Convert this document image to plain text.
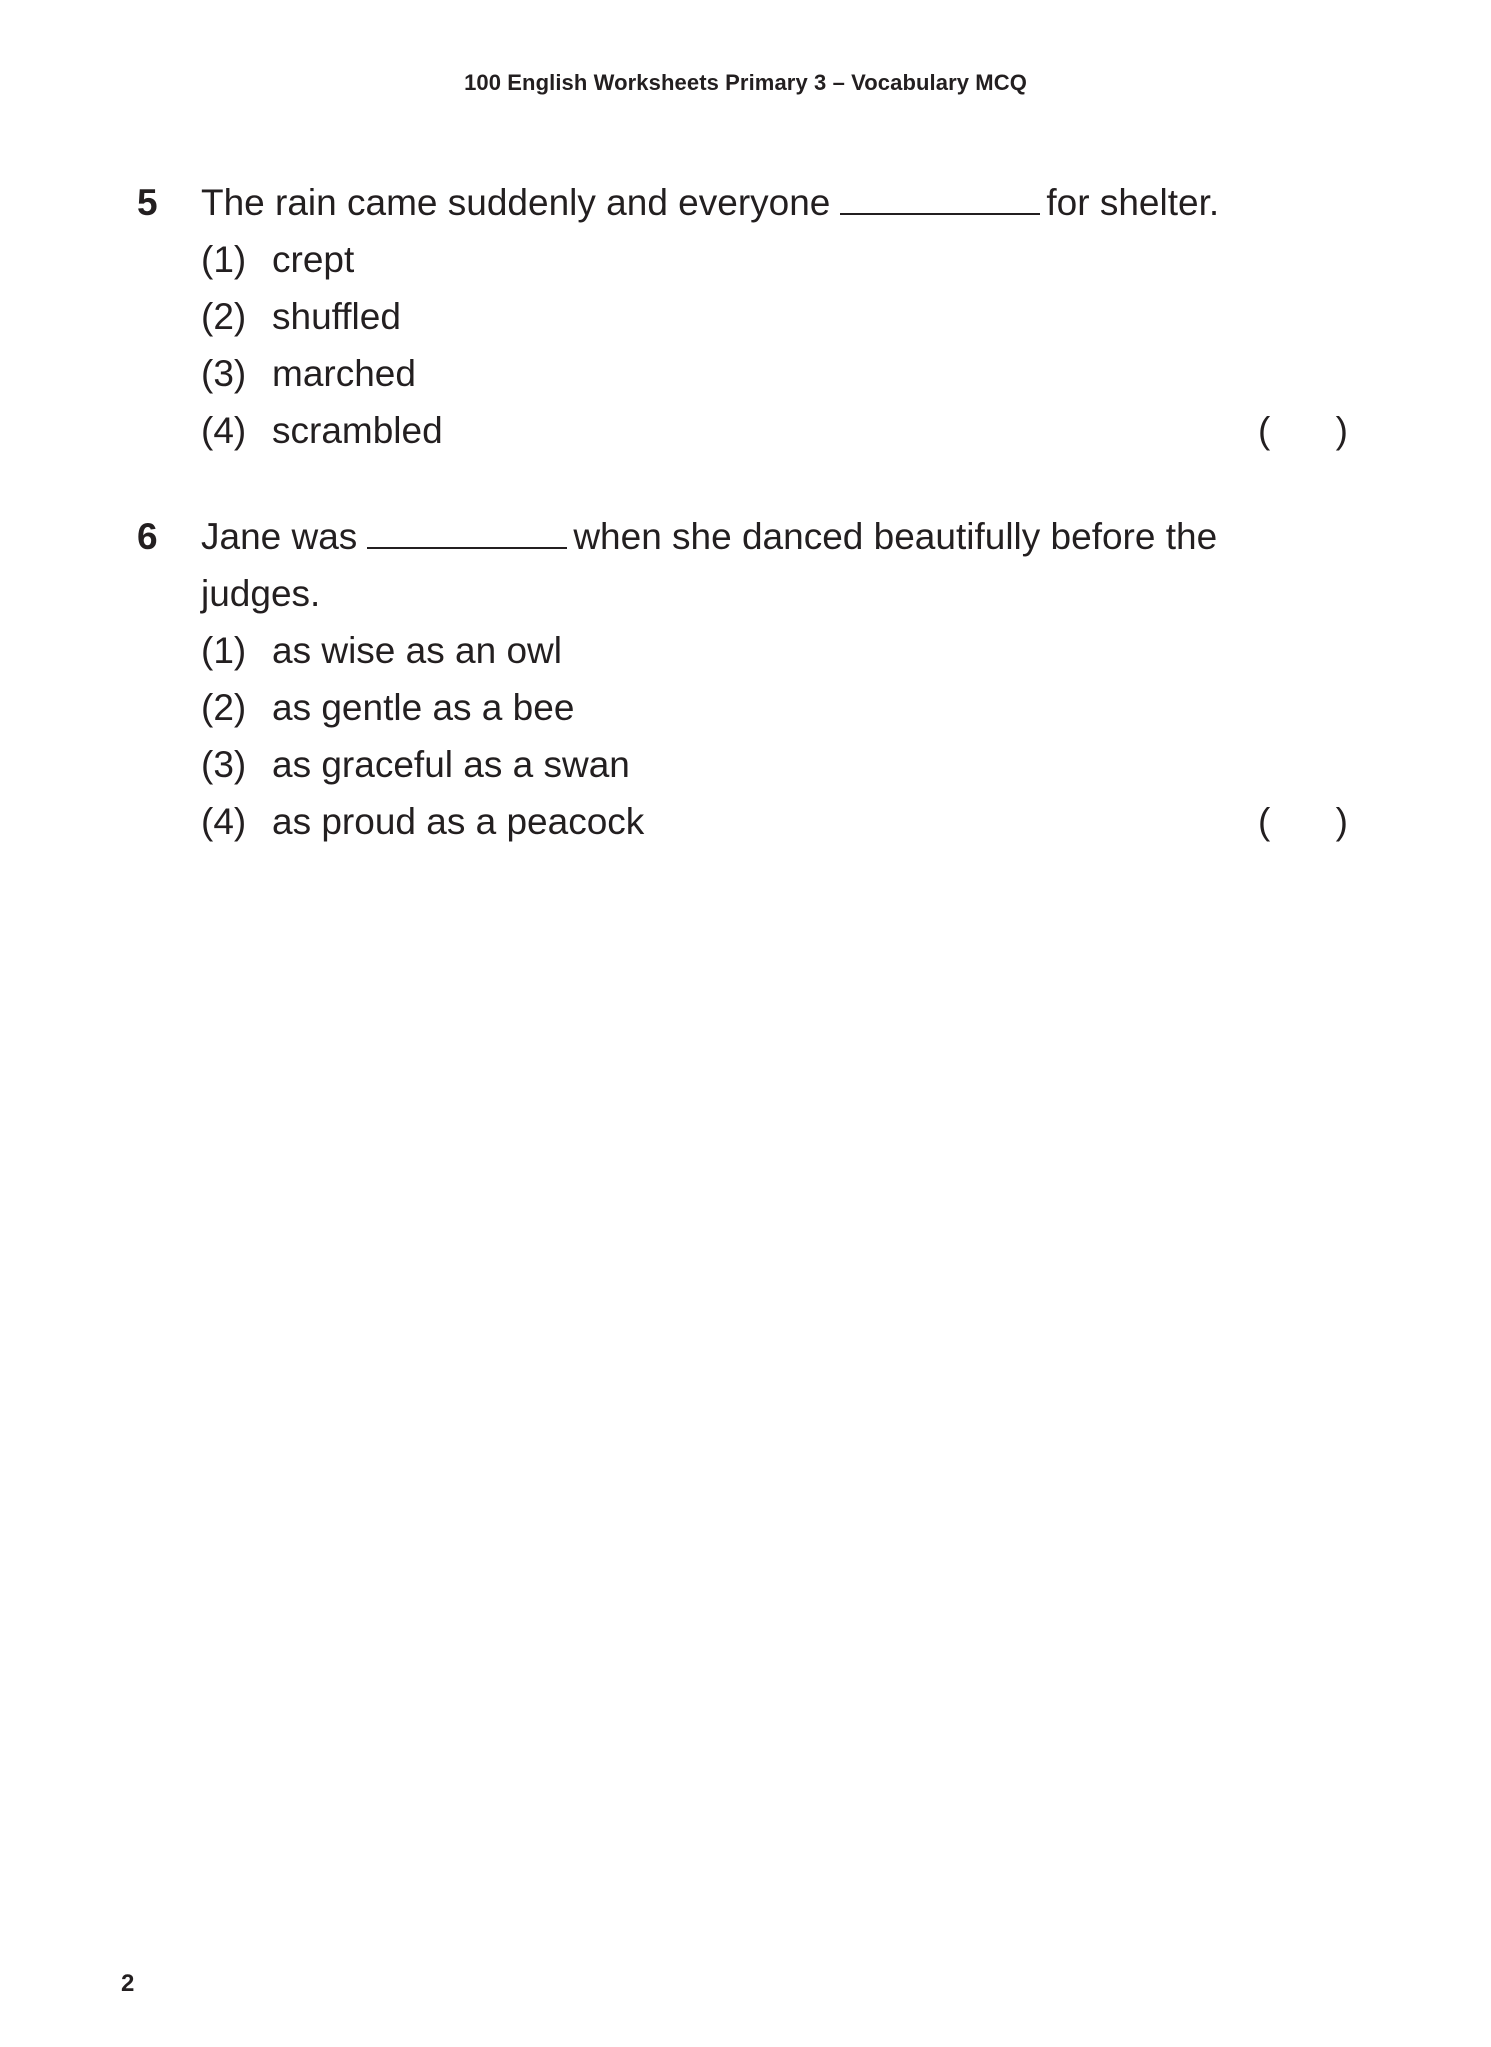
100 English Worksheets Primary 3 – Vocabulary MCQ
5 The rain came suddenly and everyone	for shelter.
(1) crept
(2) shuffled
(3) marched
(4) scrambled	( )
6 Jane was	when she danced beautifully before the judges.
(1) as wise as an owl
(2) as gentle as a bee
(3) as graceful as a swan
(4) as proud as a peacock	( )
2
